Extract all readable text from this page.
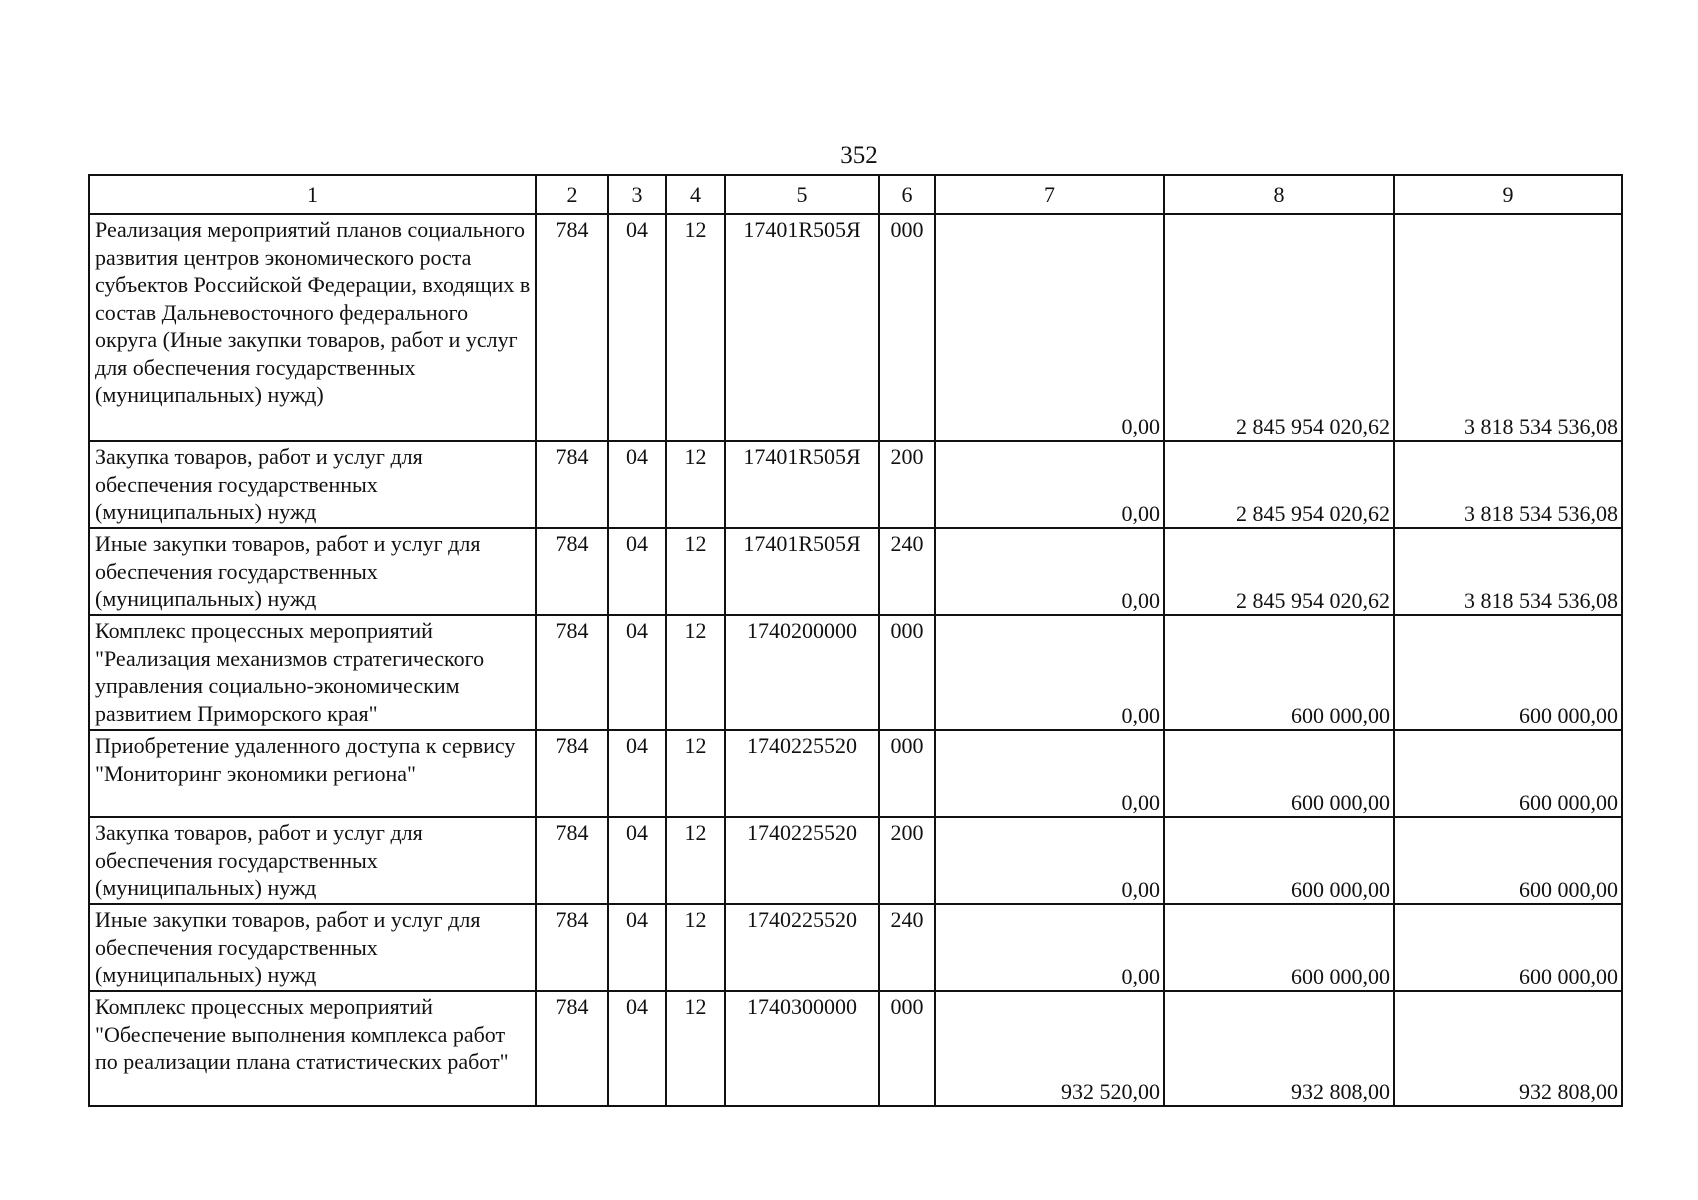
352
1	2	3	4	5	6	7	8	9
Реализация мероприятий планов социального развития центров экономического роста субъектов Российской Федерации, входящих в состав Дальневосточного федерального округа (Иные закупки товаров, работ и услуг для обеспечения государственных (муниципальных) нужд)	784	04	12	17401R505Я	000	0,00	2 845 954 020,62	3 818 534 536,08
Закупка товаров, работ и услуг для обеспечения государственных (муниципальных) нужд	784	04	12	17401R505Я	200	0,00	2 845 954 020,62	3 818 534 536,08
Иные закупки товаров, работ и услуг для обеспечения государственных (муниципальных) нужд	784	04	12	17401R505Я	240	0,00	2 845 954 020,62	3 818 534 536,08
Комплекс процессных мероприятий "Реализация механизмов стратегического управления социально-экономическим развитием Приморского края"	784	04	12	1740200000	000	0,00	600 000,00	600 000,00
Приобретение удаленного доступа к сервису "Мониторинг экономики региона"	784	04	12	1740225520	000	0,00	600 000,00	600 000,00
Закупка товаров, работ и услуг для обеспечения государственных (муниципальных) нужд	784	04	12	1740225520	200	0,00	600 000,00	600 000,00
Иные закупки товаров, работ и услуг для обеспечения государственных (муниципальных) нужд	784	04	12	1740225520	240	0,00	600 000,00	600 000,00
Комплекс процессных мероприятий "Обеспечение выполнения комплекса работ по реализации плана статистических работ"	784	04	12	1740300000	000	932 520,00	932 808,00	932 808,00
